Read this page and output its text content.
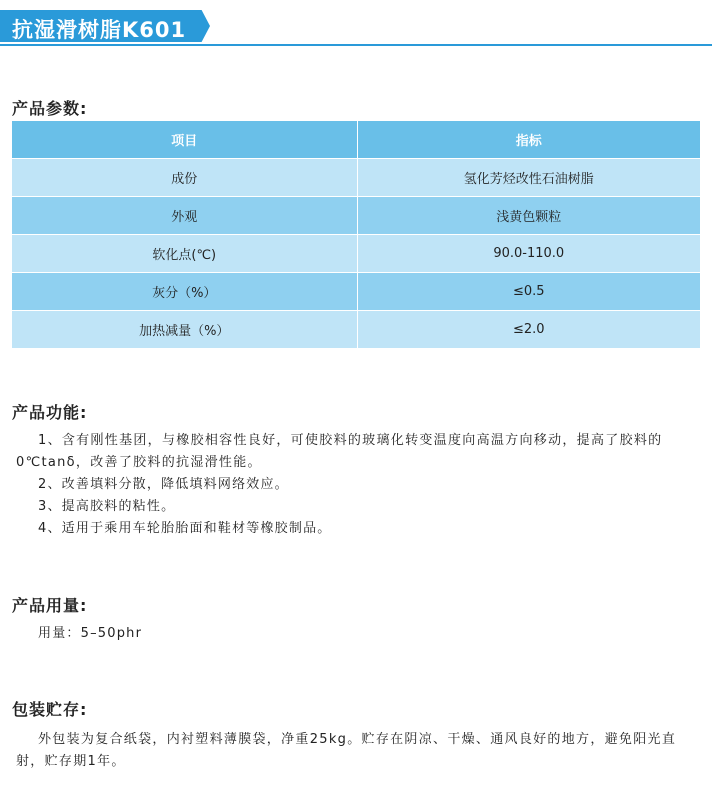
抗湿滑树脂K601
产品参数:
项目	指标
成份	氢化芳烃改性石油树脂
外观	浅黄色颗粒
软化点(℃)	90.0-110.0
灰分（%）	≤0.5
加热减量（%）	≤2.0
产品功能:
1、含有刚性基团，与橡胶相容性良好，可使胶料的玻璃化转变温度向高温方向移动，提高了胶料的0℃tanδ，改善了胶料的抗湿滑性能。
2、改善填料分散，降低填料网络效应。
3、提高胶料的粘性。
4、适用于乘用车轮胎胎面和鞋材等橡胶制品。
产品用量:
用量：5–50phr
包装贮存:
外包装为复合纸袋，内衬塑料薄膜袋，净重25kg。贮存在阴凉、干燥、通风良好的地方，避免阳光直射，贮存期1年。
